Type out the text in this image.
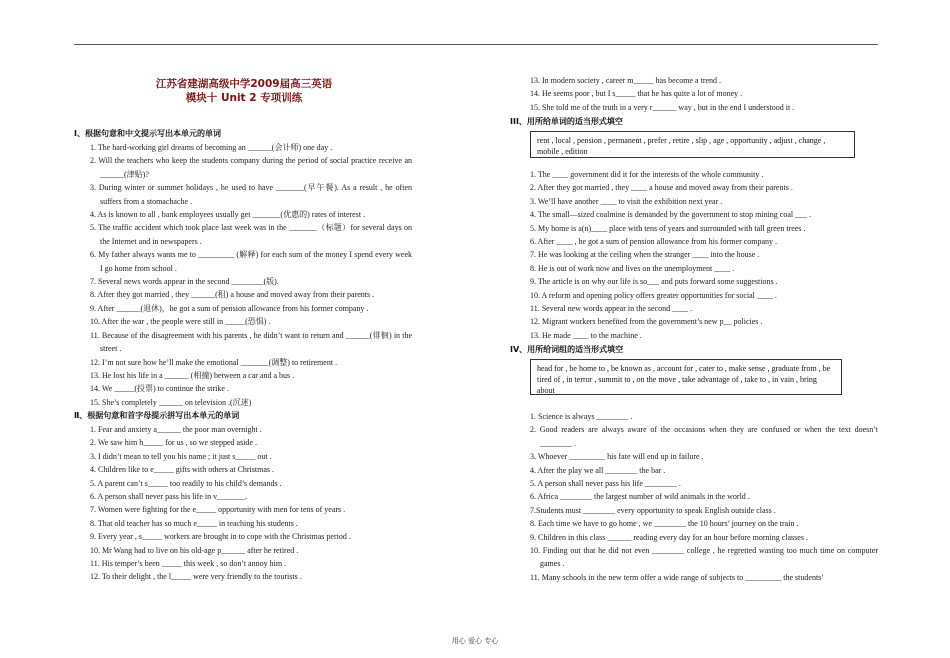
江苏省建湖高级中学2009届高三英语
模块十 Unit 2 专项训练
Ⅰ、根据句意和中文提示写出本单元的单词
1. The hard-working girl dreams of becoming an ______(会计师) one day .
2. Will the teachers who keep the students company during the period of social practice receive an ______(津贴)?
3. During winter or summer holidays , he used to have _______(早午餐). As a result , he often suffers from a stomachache .
4. As is known to all , bank employees usually get _______(优惠的) rates of interest .
5. The traffic accident which took place last week was in the _______（标题）for several days on the Internet and in newspapers .
6. My father always wants me to _________ (解释) for each sum of the money I spend every week I go home from school .
7. Several news words appear in the second ________(版).
8. After they got married , they ______(租) a house and moved away from their parents .
9. After ______(退休)，he got a sum of pension allowance from his former company .
10. After the war , the people were still in _____(恐惧) .
11. Because of the disagreement with his parents , he didn’t want to return and ______(徘徊) in the street .
12. I’m not sure how he’ll make the emotional _______(调整) to retirement .
13. He lost his life in a ______ (相撞) between a car and a bus .
14. We _____(投票) to continue the strike .
15. She’s completely ______ on television .(沉迷)
Ⅱ、根据句意和首字母提示拼写出本单元的单词
1. Fear and anxiety a______ the poor man overnight .
2. We saw him h_____ for us , so we stepped aside .
3. I didn’t mean to tell you his name ; it just s_____ out .
4. Children like to e_____ gifts with others at Christmas .
5. A parent can’t s_____ too readily to his child’s demands .
6. A person shall never pass his life in v_______.
7. Women were fighting for the e_____ opportunity with men for tens of years .
8. That old teacher has so much e_____ in teaching his students .
9. Every year , s_____ workers are brought in to cope with the Christmas period .
10. Mr Wang had to live on his old-age p______ after he retired .
11. His temper’s been _____ this week , so don’t annoy him .
12. To their delight , the l_____ were very friendly to the tourists .
13. In modern society , career m_____ has become a trend .
14. He seems poor , but I s_____ that he has quite a lot of money .
15. She told me of the truth in a very r______ way , but in the end I understood it .
III、用所给单词的适当形式填空
rent , local , pension , permanent , prefer , retire , slip , age , opportunity , adjust , change , mobile , edition
1. The ____ government did it for the interests of the whole community .
2. After they got married , they ____ a house and moved away from their parents .
3. We’ll have another ____ to visit the exhibition next year .
4. The small—sized coalmine is demanded by the government to stop mining coal ___ .
5. My home is a(n)____ place with tens of years and surrounded with tall green trees .
6. After ____ , he got a sum of pension allowance from his former company .
7. He was looking at the ceiling when the stranger ____ into the house .
8. He is out of work now and lives on the unemployment ____ .
9. The article is on why our life is so___ and puts forward some suggestions .
10. A reform and opening policy offers greater opportunities for social ____ .
11. Several new words appear in the second ____ .
12. Migrant workers benefited from the government’s new p__ policies .
13. He made ____ to the machine .
IV、用所给词组的适当形式填空
head for , be home to , be known as , account for , cater to , make sense , graduate from , be tired of , in terror , summit to , on the move , take advantage of , take to , in vain , bring about
1. Science is always ________ .
2. Good readers are always aware of the occasions when they are confused or when the text doesn’t ________ .
3. Whoever _________ his fate will end up in failure .
4. After the play we all ________ the bar .
5. A person shall never pass his life ________ .
6. Africa ________ the largest number of wild animals in the world .
7.Students must ________ every opportunity to speak English outside class .
8. Each time we have to go home , we ________ the 10 hours’ journey on the train .
9. Children in this class ______ reading every day for an hour before morning classes .
10. Finding out that he did not even ________ college , he regretted wasting too much time on computer games .
11. Many schools in the new term offer a wide range of subjects to _________ the students’
用心 爱心 专心
